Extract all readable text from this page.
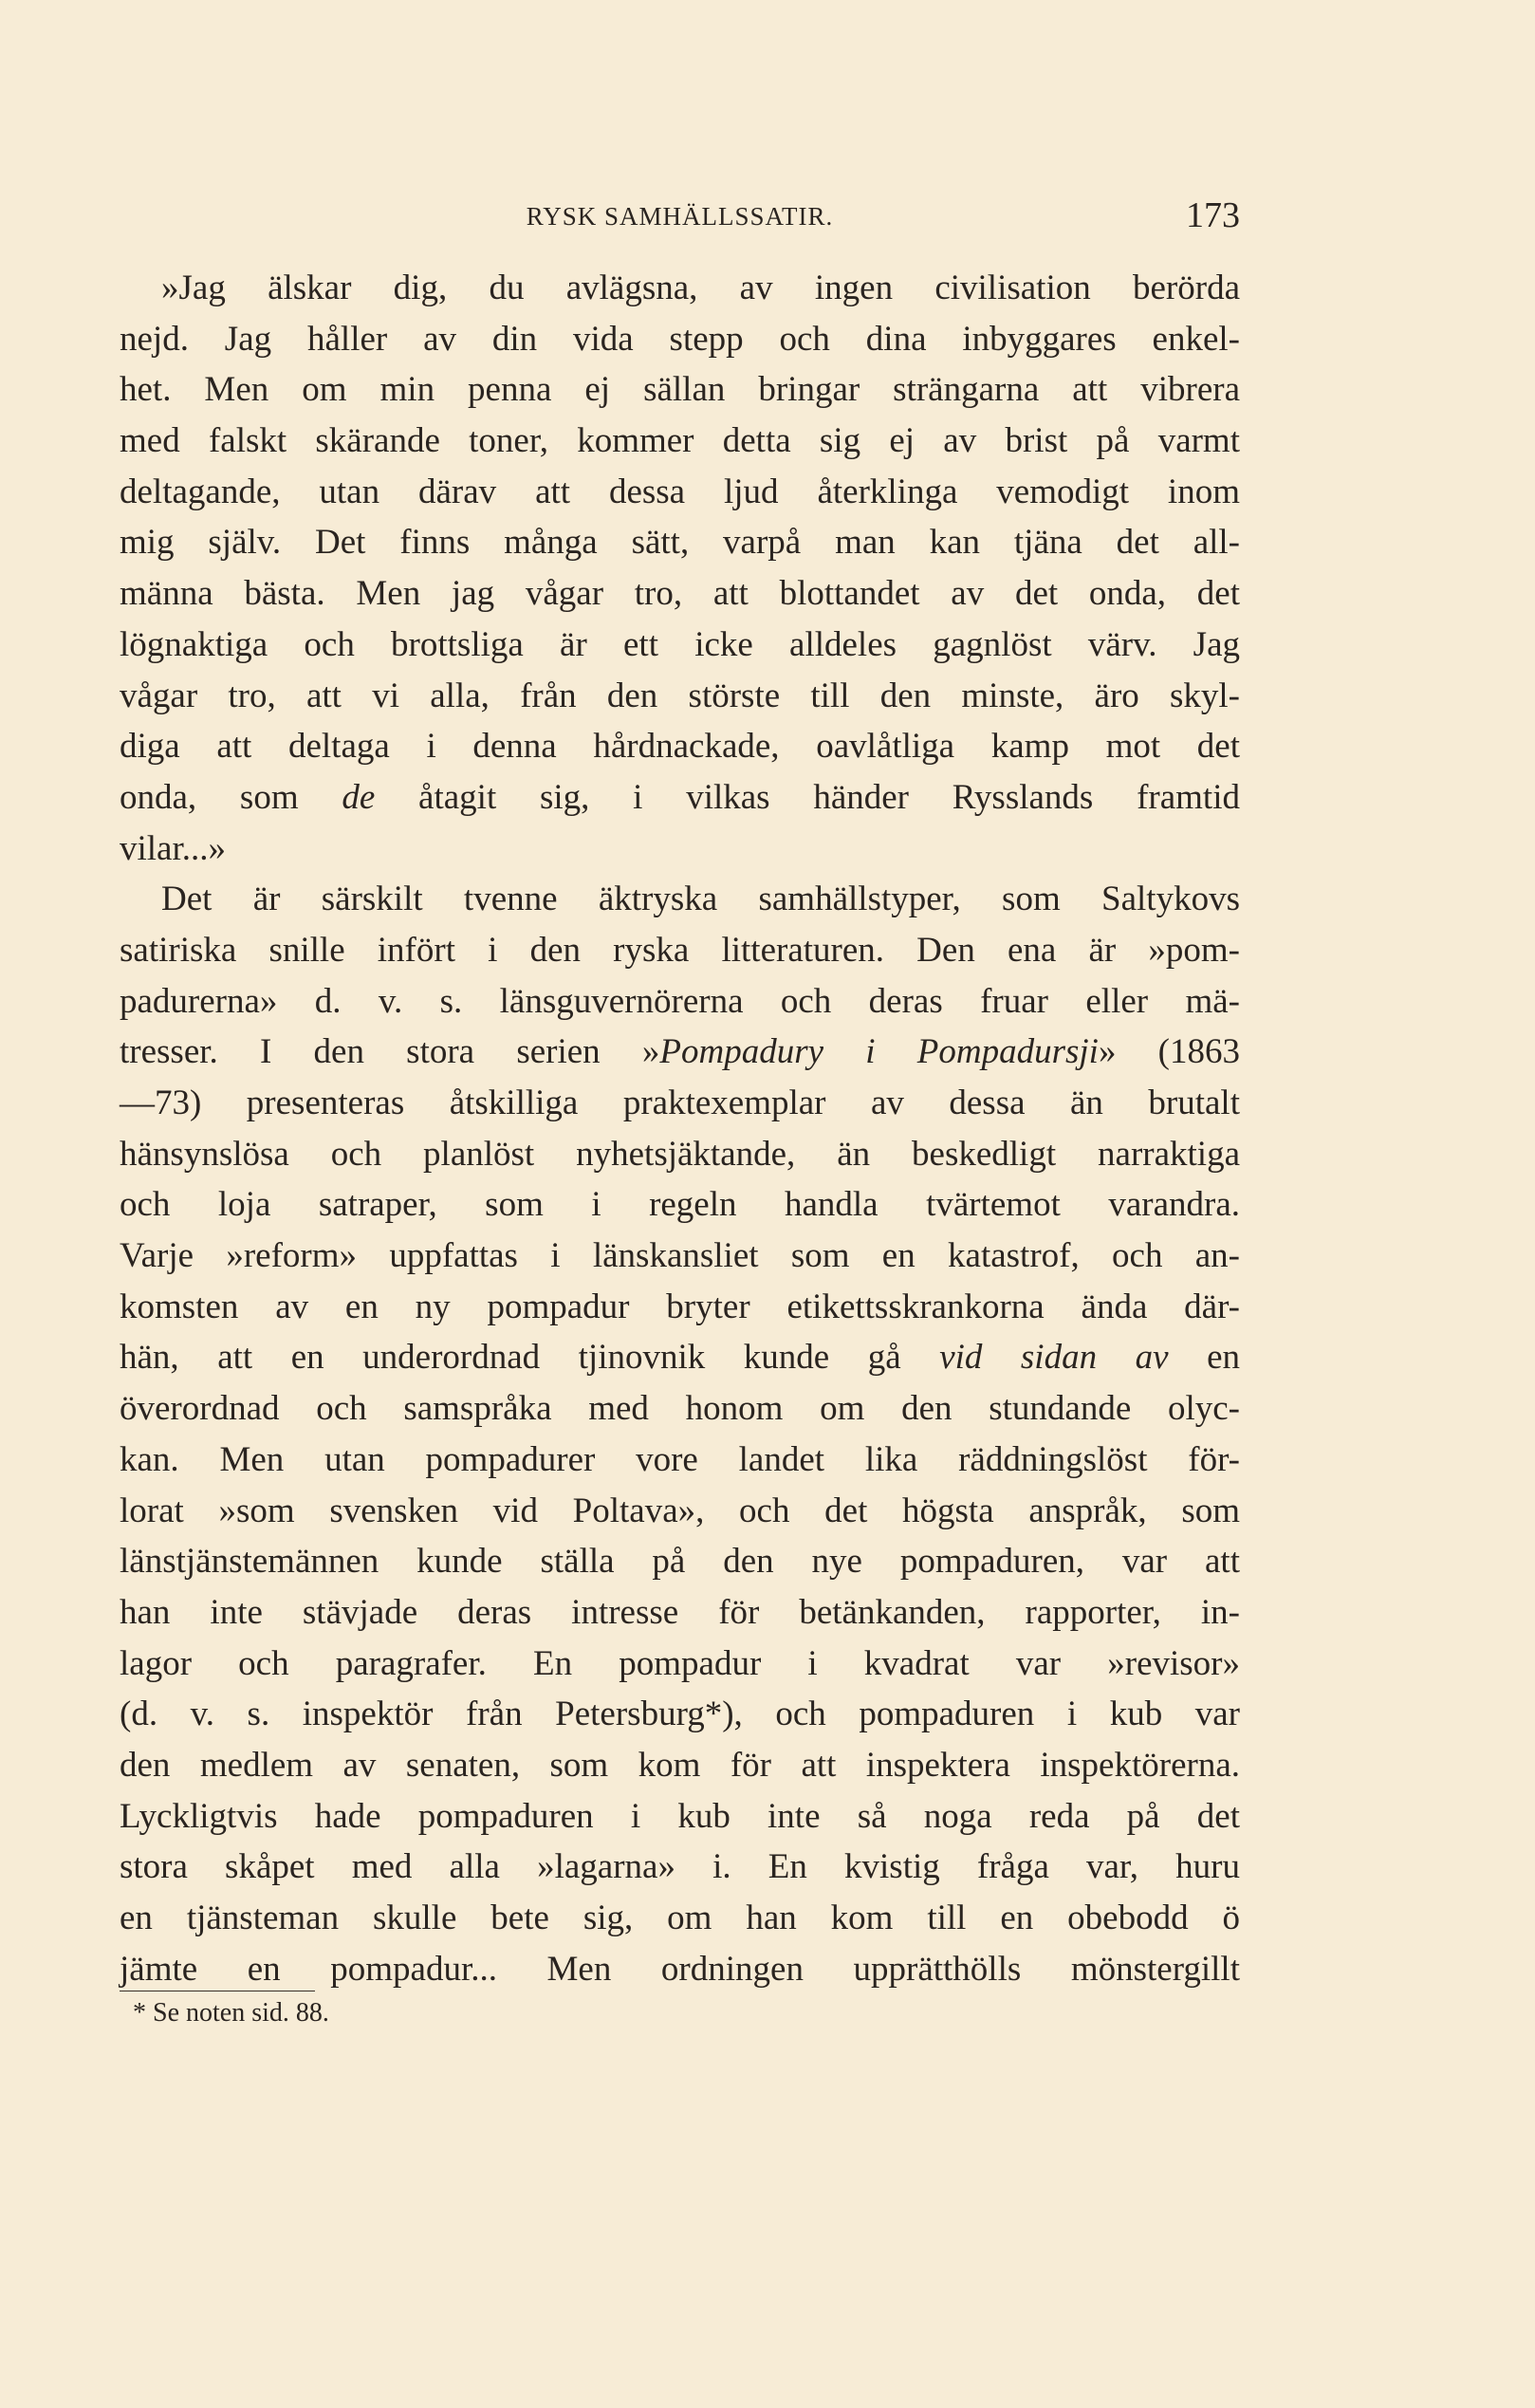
RYSK SAMHÄLLSSATIR.	173
»Jag älskar dig, du avlägsna, av ingen civilisation berörda
nejd. Jag håller av din vida stepp och dina inbyggares enkel-
het. Men om min penna ej sällan bringar strängarna att vibrera
med falskt skärande toner, kommer detta sig ej av brist på varmt
deltagande, utan därav att dessa ljud återklinga vemodigt inom
mig själv. Det finns många sätt, varpå man kan tjäna det all-
männa bästa. Men jag vågar tro, att blottandet av det onda, det
lögnaktiga och brottsliga är ett icke alldeles gagnlöst värv. Jag
vågar tro, att vi alla, från den störste till den minste, äro skyl-
diga att deltaga i denna hårdnackade, oavlåtliga kamp mot det
onda, som de åtagit sig, i vilkas händer Rysslands framtid
vilar...»
Det är särskilt tvenne äktryska samhällstyper, som Saltykovs
satiriska snille infört i den ryska litteraturen. Den ena är »pom-
padurerna» d. v. s. länsguvernörerna och deras fruar eller mä-
tresser. I den stora serien »Pompadury i Pompadursji» (1863
—73) presenteras åtskilliga praktexemplar av dessa än brutalt
hänsynslösa och planlöst nyhetsjäktande, än beskedligt narraktiga
och loja satraper, som i regeln handla tvärtemot varandra.
Varje »reform» uppfattas i länskansliet som en katastrof, och an-
komsten av en ny pompadur bryter etikettsskrankorna ända där-
hän, att en underordnad tjinovnik kunde gå vid sidan av en
överordnad och samspråka med honom om den stundande olyc-
kan. Men utan pompadurer vore landet lika räddningslöst för-
lorat »som svensken vid Poltava», och det högsta anspråk, som
länstjänstemännen kunde ställa på den nye pompaduren, var att
han inte stävjade deras intresse för betänkanden, rapporter, in-
lagor och paragrafer. En pompadur i kvadrat var »revisor»
(d. v. s. inspektör från Petersburg*), och pompaduren i kub var
den medlem av senaten, som kom för att inspektera inspektörerna.
Lyckligtvis hade pompaduren i kub inte så noga reda på det
stora skåpet med alla »lagarna» i. En kvistig fråga var, huru
en tjänsteman skulle bete sig, om han kom till en obebodd ö
jämte en pompadur... Men ordningen upprätthölls mönstergillt
* Se noten sid. 88.
